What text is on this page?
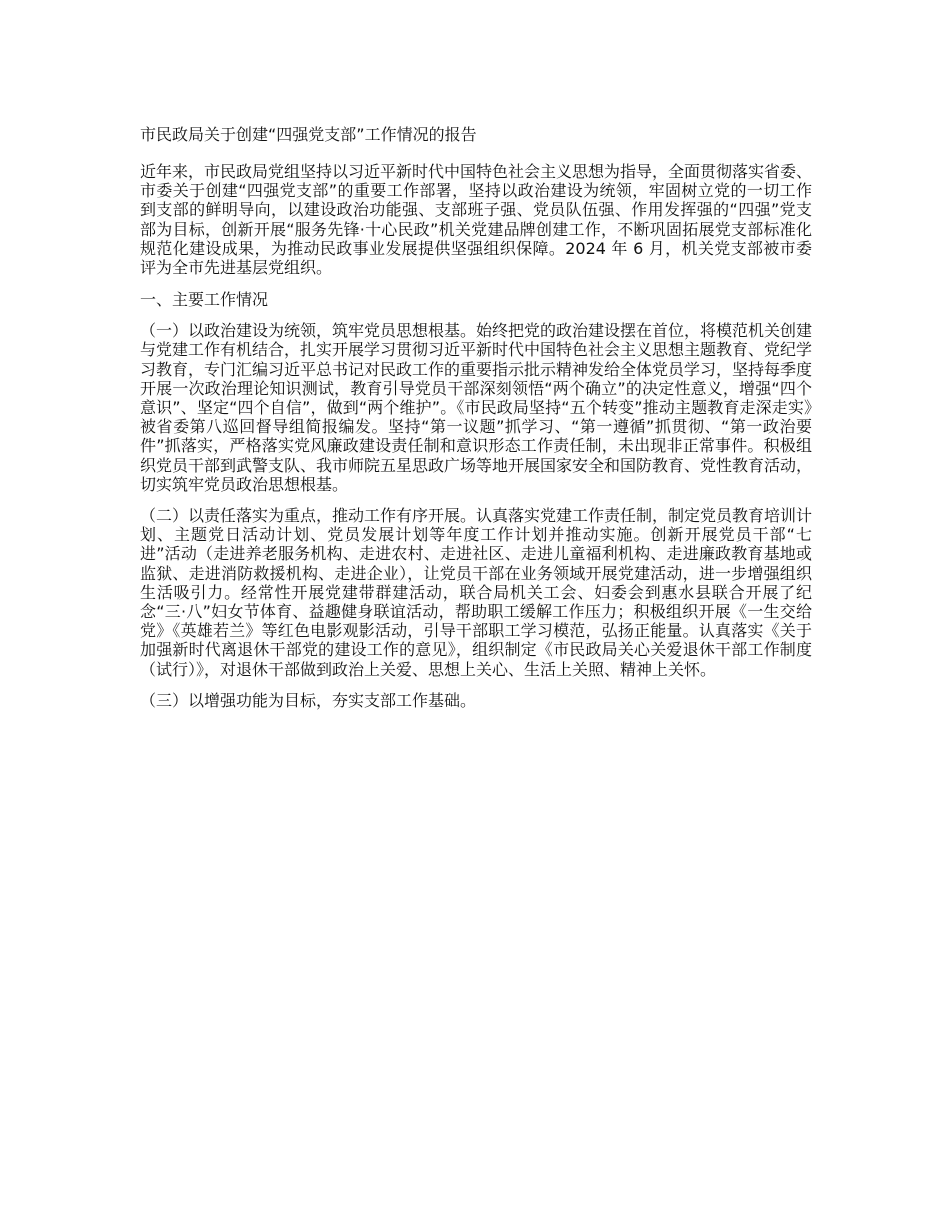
市民政局关于创建“四强党支部”工作情况的报告

近年来，市民政局党组坚持以习近平新时代中国特色社会主义思想为指导，全面贯彻落实省委、市委关于创建“四强党支部”的重要工作部署，坚持以政治建设为统领，牢固树立党的一切工作到支部的鲜明导向，以建设政治功能强、支部班子强、党员队伍强、作用发挥强的“四强”党支部为目标，创新开展“服务先锋·十心民政”机关党建品牌创建工作，不断巩固拓展党支部标准化规范化建设成果，为推动民政事业发展提供坚强组织保障。2024 年 6 月，机关党支部被市委评为全市先进基层党组织。

一、主要工作情况

（一）以政治建设为统领，筑牢党员思想根基。始终把党的政治建设摆在首位，将模范机关创建与党建工作有机结合，扎实开展学习贯彻习近平新时代中国特色社会主义思想主题教育、党纪学习教育，专门汇编习近平总书记对民政工作的重要指示批示精神发给全体党员学习，坚持每季度开展一次政治理论知识测试，教育引导党员干部深刻领悟“两个确立”的决定性意义，增强“四个意识”、坚定“四个自信”，做到“两个维护”。《市民政局坚持“五个转变”推动主题教育走深走实》被省委第八巡回督导组简报编发。坚持“第一议题”抓学习、“第一遵循”抓贯彻、“第一政治要件”抓落实，严格落实党风廉政建设责任制和意识形态工作责任制，未出现非正常事件。积极组织党员干部到武警支队、我市师院五星思政广场等地开展国家安全和国防教育、党性教育活动，切实筑牢党员政治思想根基。

（二）以责任落实为重点，推动工作有序开展。认真落实党建工作责任制，制定党员教育培训计划、主题党日活动计划、党员发展计划等年度工作计划并推动实施。创新开展党员干部“七进”活动（走进养老服务机构、走进农村、走进社区、走进儿童福利机构、走进廉政教育基地或监狱、走进消防救援机构、走进企业），让党员干部在业务领域开展党建活动，进一步增强组织生活吸引力。经常性开展党建带群建活动，联合局机关工会、妇委会到惠水县联合开展了纪念“三·八”妇女节体育、益趣健身联谊活动，帮助职工缓解工作压力；积极组织开展《一生交给党》《英雄若兰》等红色电影观影活动，引导干部职工学习模范，弘扬正能量。认真落实《关于加强新时代离退休干部党的建设工作的意见》，组织制定《市民政局关心关爱退休干部工作制度（试行）》，对退休干部做到政治上关爱、思想上关心、生活上关照、精神上关怀。

（三）以增强功能为目标，夯实支部工作基础。
